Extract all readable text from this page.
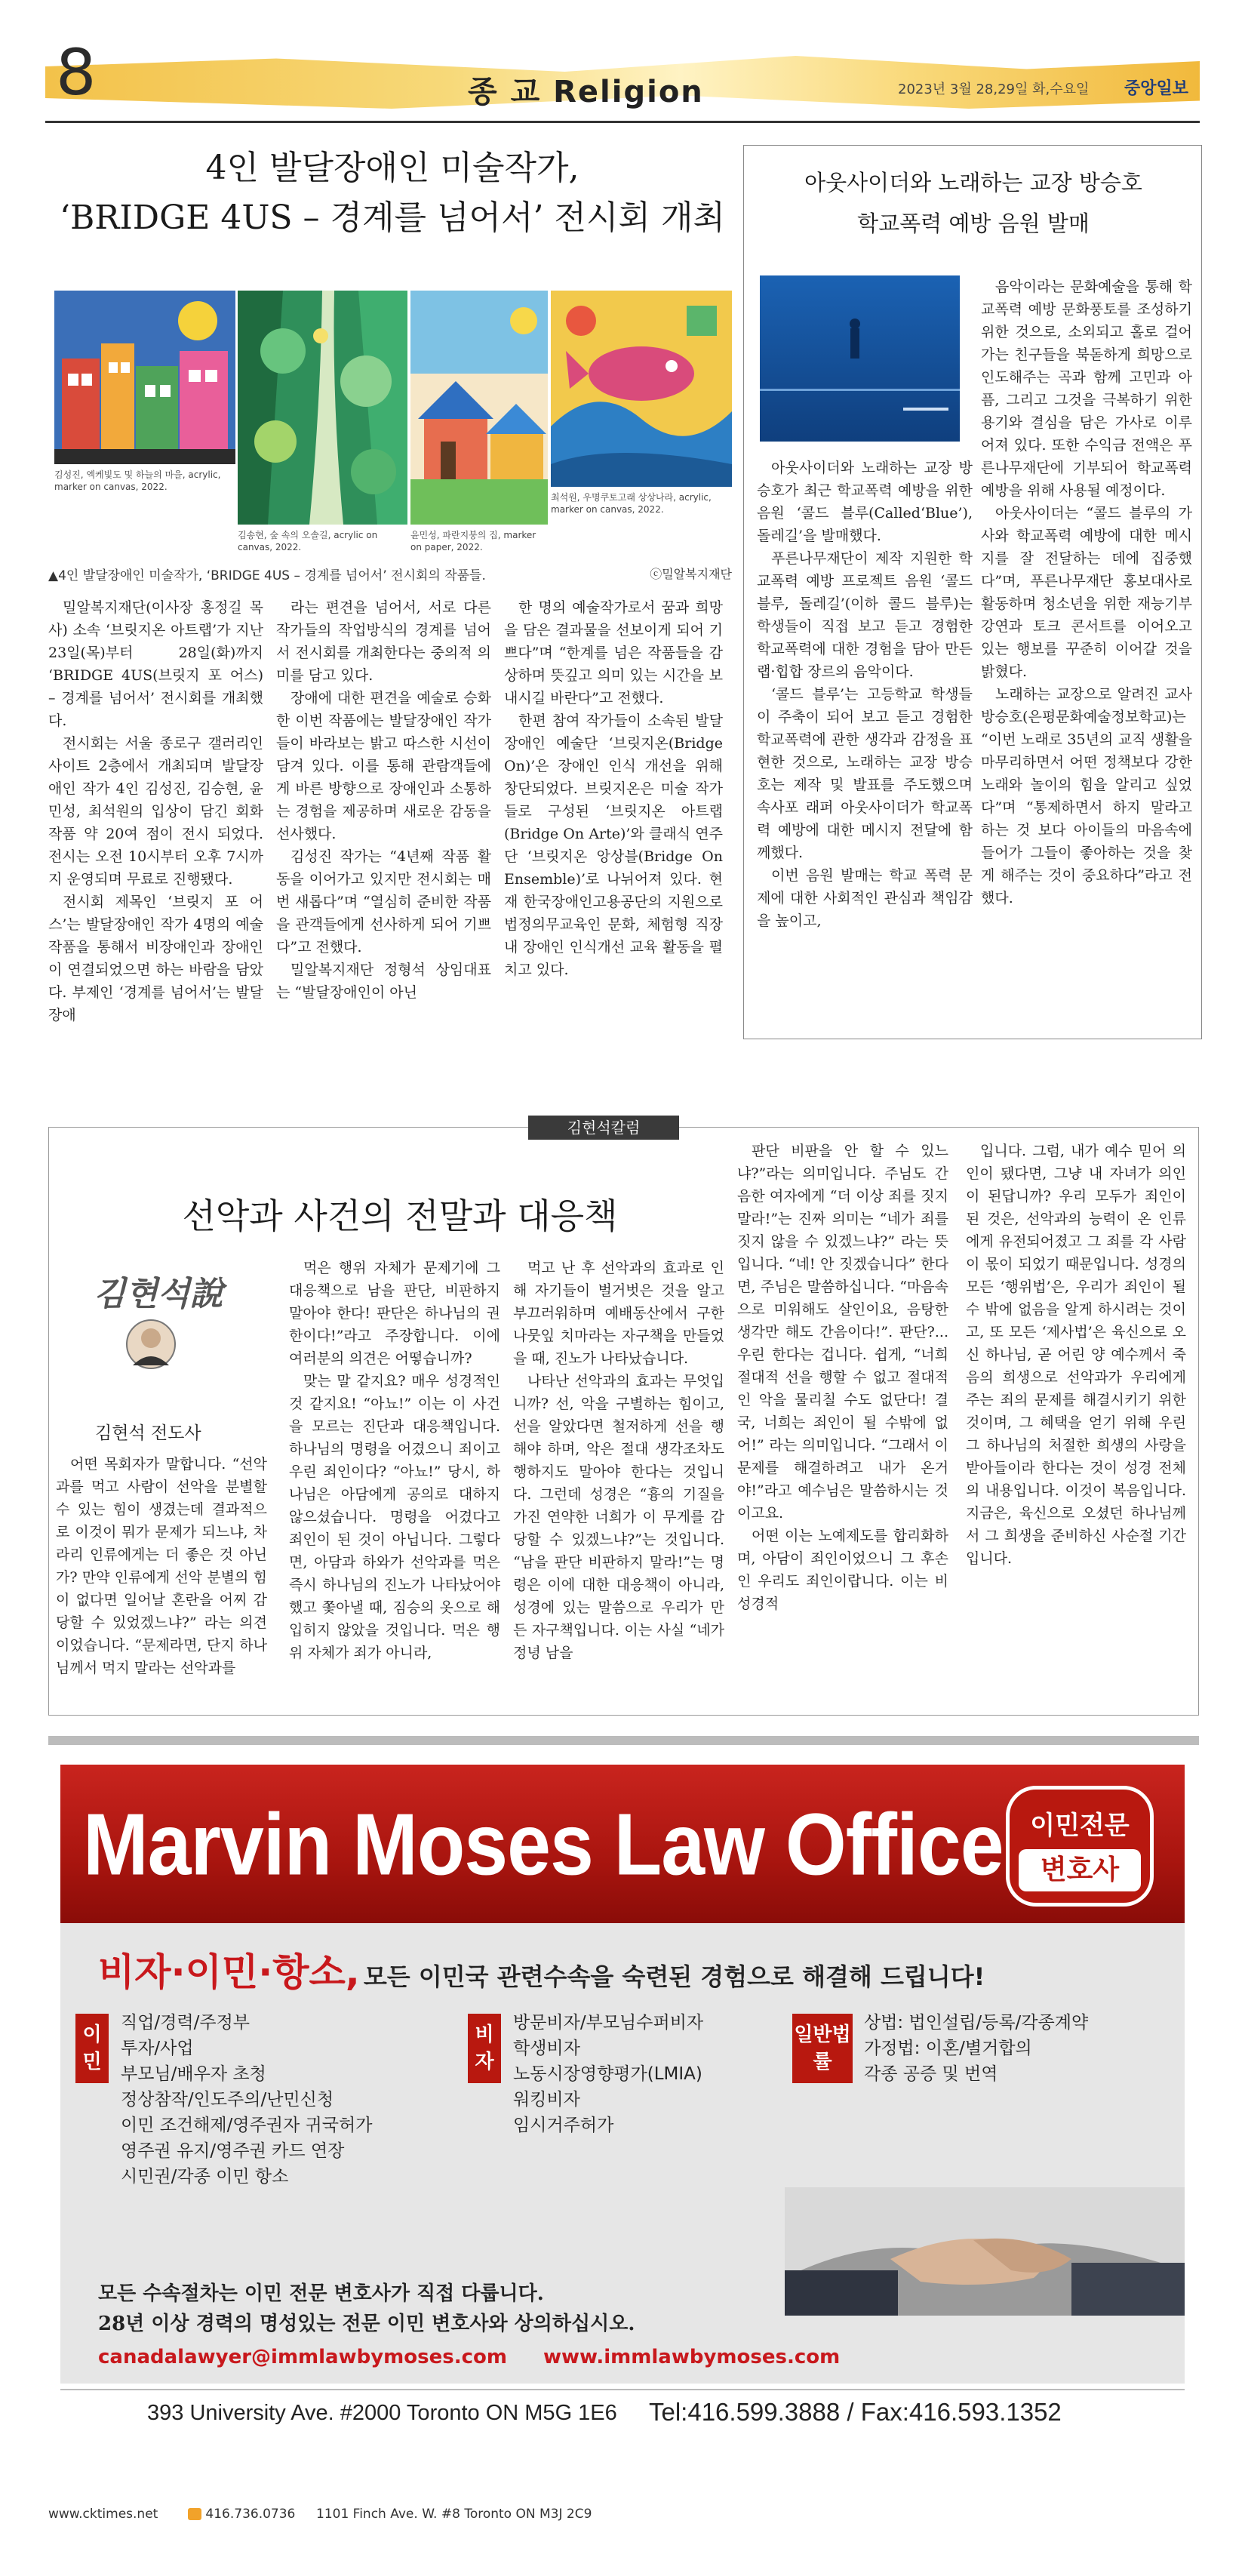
8	종 교 Religion	2023년 3월 28,29일 화,수요일 중앙일보
4인 발달장애인 미술작가,
‘BRIDGE 4US – 경계를 넘어서’ 전시회 개최
김성진, 엑케빛도 및 하늘의 마을, acrylic, marker on canvas, 2022.
김송현, 숲 속의 오솔길, acrylic on canvas, 2022.
윤민성, 파란지붕의 집, marker on paper, 2022.
최석원, 우명쿠토고래 상상나라, acrylic, marker on canvas, 2022.
▲4인 발달장애인 미술작가, ‘BRIDGE 4US – 경계를 넘어서’ 전시회의 작품들.	ⓒ밀알복지재단

밀알복지재단(이사장 홍정길 목사) 소속 ‘브릿지온 아트랩’가 지난 23일(목)부터 28일(화)까지 ‘BRIDGE 4US(브릿지 포 어스) – 경계를 넘어서’ 전시회를 개최했다.

전시회는 서울 종로구 갤러리인사이트 2층에서 개최되며 발달장애인 작가 4인 김성진, 김승현, 윤민성, 최석원의 입상이 담긴 회화 작품 약 20여 점이 전시 되었다. 전시는 오전 10시부터 오후 7시까지 운영되며 무료로 진행됐다.

전시회 제목인 ‘브릿지 포 어스’는 발달장애인 작가 4명의 예술 작품을 통해서 비장애인과 장애인이 연결되었으면 하는 바람을 담았다. 부제인 ‘경계를 넘어서’는 발달장애

라는 편견을 넘어서, 서로 다른 작가들의 작업방식의 경계를 넘어서 전시회를 개최한다는 중의적 의미를 담고 있다.

장애에 대한 편견을 예술로 승화한 이번 작품에는 발달장애인 작가들이 바라보는 밝고 따스한 시선이 담겨 있다. 이를 통해 관람객들에게 바른 방향으로 장애인과 소통하는 경험을 제공하며 새로운 감동을 선사했다.

김성진 작가는 “4년째 작품 활동을 이어가고 있지만 전시회는 매번 새롭다”며 “열심히 준비한 작품을 관객들에게 선사하게 되어 기쁘다”고 전했다.

밀알복지재단 정형석 상임대표는 “발달장애인이 아닌

한 명의 예술작가로서 꿈과 희망을 담은 결과물을 선보이게 되어 기쁘다”며 “한계를 넘은 작품들을 감상하며 뜻깊고 의미 있는 시간을 보내시길 바란다”고 전했다.

한편 참여 작가들이 소속된 발달장애인 예술단 ‘브릿지온(Bridge On)’은 장애인 인식 개선을 위해 창단되었다. 브릿지온은 미술 작가들로 구성된 ‘브릿지온 아트랩(Bridge On Arte)’와 클래식 연주단 ‘브릿지온 앙상블(Bridge On Ensemble)’로 나뉘어져 있다. 현재 한국장애인고용공단의 지원으로 법정의무교육인 문화, 체험형 직장 내 장애인 인식개선 교육 활동을 펼치고 있다.

아웃사이더와 노래하는 교장 방승호
학교폭력 예방 음원 발매

아웃사이더와 노래하는 교장 방승호가 최근 학교폭력 예방을 위한 음원 ‘콜드 블루(Called‘Blue’), 돌레길’을 발매했다.

푸른나무재단이 제작 지원한 학교폭력 예방 프로젝트 음원 ‘콜드 블루, 돌레길’(이하 콜드 블루)는 학생들이 직접 보고 듣고 경험한 학교폭력에 대한 경험을 담아 만든 랩·힙합 장르의 음악이다.

‘콜드 블루’는 고등학교 학생들이 주축이 되어 보고 듣고 경험한 학교폭력에 관한 생각과 감정을 표현한 것으로, 노래하는 교장 방승호는 제작 및 발표를 주도했으며 속사포 래퍼 아웃사이더가 학교폭력 예방에 대한 메시지 전달에 함께했다.

이번 음원 발매는 학교 폭력 문제에 대한 사회적인 관심과 책임감을 높이고,

음악이라는 문화예술을 통해 학교폭력 예방 문화풍토를 조성하기 위한 것으로, 소외되고 홀로 걸어가는 친구들을 북돋하게 희망으로 인도해주는 곡과 함께 고민과 아픔, 그리고 그것을 극복하기 위한 용기와 결심을 담은 가사로 이루어져 있다. 또한 수익금 전액은 푸른나무재단에 기부되어 학교폭력 예방을 위해 사용될 예정이다.

아웃사이더는 “콜드 블루의 가사와 학교폭력 예방에 대한 메시지를 잘 전달하는 데에 집중했다”며, 푸른나무재단 홍보대사로 활동하며 청소년을 위한 재능기부 강연과 토크 콘서트를 이어오고 있는 행보를 꾸준히 이어갈 것을 밝혔다.

노래하는 교장으로 알려진 교사 방승호(은평문화예술정보학교)는 “이번 노래로 35년의 교직 생활을 마무리하면서 어떤 정책보다 강한 노래와 놀이의 힘을 알리고 싶었다”며 “통제하면서 하지 말라고 하는 것 보다 아이들의 마음속에 들어가 그들이 좋아하는 것을 찾게 해주는 것이 중요하다”라고 전했다.

김현석칼럼
선악과 사건의 전말과 대응책
김현석說
김현석 전도사

어떤 목회자가 말합니다. “선악과를 먹고 사람이 선악을 분별할 수 있는 힘이 생겼는데 결과적으로 이것이 뭐가 문제가 되느냐, 차라리 인류에게는 더 좋은 것 아닌가? 만약 인류에게 선악 분별의 힘이 없다면 일어날 혼란을 어찌 감당할 수 있었겠느냐?” 라는 의견이었습니다. “문제라면, 단지 하나님께서 먹지 말라는 선악과를

먹은 행위 자체가 문제기에 그 대응책으로 남을 판단, 비판하지 말아야 한다! 판단은 하나님의 권한이다!”라고 주장합니다. 이에 여러분의 의견은 어떻습니까?

맞는 말 같지요? 매우 성경적인 것 같지요! “아뇨!” 이는 이 사건을 모르는 진단과 대응책입니다. 하나님의 명령을 어겼으니 죄이고 우린 죄인이다? “아뇨!” 당시, 하나님은 아담에게 공의로 대하지 않으셨습니다. 명령을 어겼다고 죄인이 된 것이 아닙니다. 그렇다면, 아담과 하와가 선악과를 먹은 즉시 하나님의 진노가 나타났어야 했고 쫓아낼 때, 짐승의 옷으로 해입히지 않았을 것입니다. 먹은 행위 자체가 죄가 아니라,

먹고 난 후 선악과의 효과로 인해 자기들이 벌거벗은 것을 알고 부끄러워하며 예배동산에서 구한 나뭇잎 치마라는 자구책을 만들었을 때, 진노가 나타났습니다.

나타난 선악과의 효과는 무엇입니까? 선, 악을 구별하는 힘이고, 선을 알았다면 철저하게 선을 행해야 하며, 악은 절대 생각조차도 행하지도 말아야 한다는 것입니다. 그런데 성경은 “흉의 기질을 가진 연약한 너희가 이 무게를 감당할 수 있겠느냐?”는 것입니다. “남을 판단 비판하지 말라!”는 명령은 이에 대한 대응책이 아니라, 성경에 있는 말씀으로 우리가 만든 자구책입니다. 이는 사실 “네가 정녕 남을

판단 비판을 안 할 수 있느냐?”라는 의미입니다. 주님도 간음한 여자에게 “더 이상 죄를 짓지 말라!”는 진짜 의미는 “네가 죄를 짓지 않을 수 있겠느냐?” 라는 뜻입니다. “네! 안 짓겠습니다” 한다면, 주님은 말씀하십니다. “마음속으로 미워해도 살인이요, 음탕한 생각만 해도 간음이다!”. 판단?... 우린 한다는 겁니다. 쉽게, “너희 절대적 선을 행할 수 없고 절대적인 악을 물리칠 수도 없단다! 결국, 너희는 죄인이 될 수밖에 없어!” 라는 의미입니다. “그래서 이 문제를 해결하려고 내가 온거야!”라고 예수님은 말씀하시는 것이고요.

어떤 이는 노예제도를 합리화하며, 아담이 죄인이었으니 그 후손인 우리도 죄인이랍니다. 이는 비성경적

입니다. 그럼, 내가 예수 믿어 의인이 됐다면, 그냥 내 자녀가 의인이 된답니까? 우리 모두가 죄인이 된 것은, 선악과의 능력이 온 인류에게 유전되어졌고 그 죄를 각 사람이 몫이 되었기 때문입니다. 성경의 모든 ‘행위법’은, 우리가 죄인이 될 수 밖에 없음을 알게 하시려는 것이고, 또 모든 ‘제사법’은 육신으로 오신 하나님, 곧 어린 양 예수께서 죽음의 희생으로 선악과가 우리에게 주는 죄의 문제를 해결시키기 위한 것이며, 그 혜택을 얻기 위해 우린 그 하나님의 처절한 희생의 사랑을 받아들이라 한다는 것이 성경 전체의 내용입니다. 이것이 복음입니다. 지금은, 육신으로 오셨던 하나님께서 그 희생을 준비하신 사순절 기간입니다.

Marvin Moses Law Office	이민전문
변호사
비자·이민·항소, 모든 이민국 관련수속을 숙련된 경험으로 해결해 드립니다!
이민
직업/경력/주정부
투자/사업
부모님/배우자 초청
정상참작/인도주의/난민신청
이민 조건해제/영주권자 귀국허가
영주권 유지/영주권 카드 연장
시민권/각종 이민 항소
비자
방문비자/부모님수퍼비자
학생비자
노동시장영향평가(LMIA)
워킹비자
임시거주허가
일반법률
상법: 법인설립/등록/각종계약
가정법: 이혼/별거합의
각종 공증 및 번역
모든 수속절차는 이민 전문 변호사가 직접 다룹니다.
28년 이상 경력의 명성있는 전문 이민 변호사와 상의하십시오.
canadalawyer@immlawbymoses.com www.immlawbymoses.com
393 University Ave. #2000 Toronto ON M5G 1E6 Tel:416.599.3888 / Fax:416.593.1352
www.cktimes.net	416.736.0736 1101 Finch Ave. W. #8 Toronto ON M3J 2C9
